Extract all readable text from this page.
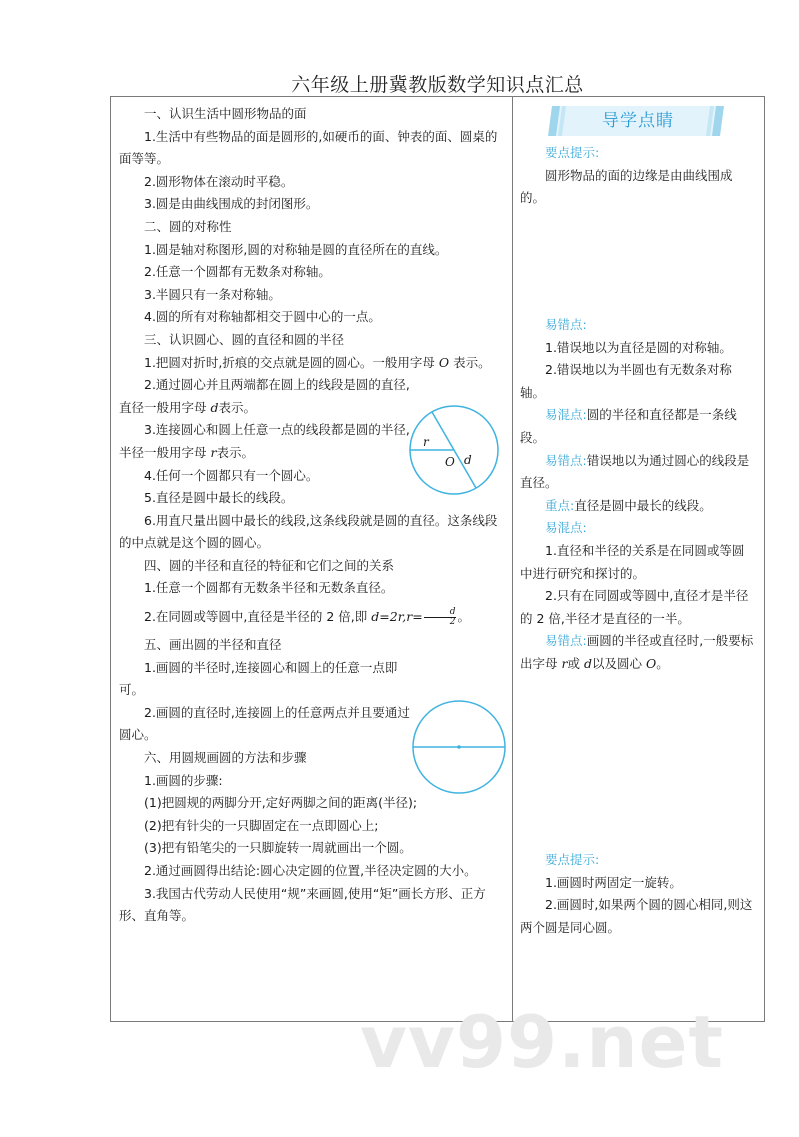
六年级上册冀教版数学知识点汇总

一、认识生活中圆形物品的面

1.生活中有些物品的面是圆形的,如硬币的面、钟表的面、圆桌的面等等。

2.圆形物体在滚动时平稳。

3.圆是由曲线围成的封闭图形。

二、圆的对称性

1.圆是轴对称图形,圆的对称轴是圆的直径所在的直线。

2.任意一个圆都有无数条对称轴。

3.半圆只有一条对称轴。

4.圆的所有对称轴都相交于圆中心的一点。

三、认识圆心、圆的直径和圆的半径

1.把圆对折时,折痕的交点就是圆的圆心。一般用字母 O 表示。

2.通过圆心并且两端都在圆上的线段是圆的直径,直径一般用字母 d表示。

3.连接圆心和圆上任意一点的线段都是圆的半径,半径一般用字母 r表示。

4.任何一个圆都只有一个圆心。

5.直径是圆中最长的线段。

6.用直尺量出圆中最长的线段,这条线段就是圆的直径。这条线段的中点就是这个圆的圆心。

四、圆的半径和直径的特征和它们之间的关系

1.任意一个圆都有无数条半径和无数条直径。

2.在同圆或等圆中,直径是半径的 2 倍,即 $d=2r,r= \frac{d}{2}$ 。

五、画出圆的半径和直径

1.画圆的半径时,连接圆心和圆上的任意一点即可。

2.画圆的直径时,连接圆上的任意两点并且要通过圆心。

六、用圆规画圆的方法和步骤

1.画圆的步骤:

(1)把圆规的两脚分开,定好两脚之间的距离(半径);

(2)把有针尖的一只脚固定在一点即圆心上;

(3)把有铅笔尖的一只脚旋转一周就画出一个圆。

2.通过画圆得出结论:圆心决定圆的位置,半径决定圆的大小。

3.我国古代劳动人民使用“规”来画圆,使用“矩”画长方形、正方形、直角等。

r
O d
导学点睛

要点提示:

圆形物品的面的边缘是由曲线围成的。

易错点:

1.错误地以为直径是圆的对称轴。

2.错误地以为半圆也有无数条对称轴。

易混点:圆的半径和直径都是一条线段。

易错点:错误地以为通过圆心的线段是直径。

重点:直径是圆中最长的线段。

易混点:

1.直径和半径的关系是在同圆或等圆中进行研究和探讨的。

2.只有在同圆或等圆中,直径才是半径的 2 倍,半径才是直径的一半。

易错点:画圆的半径或直径时,一般要标出字母 r或 d以及圆心 O。

要点提示:

1.画圆时两固定一旋转。

2.画圆时,如果两个圆的圆心相同,则这两个圆是同心圆。

vv99.net
